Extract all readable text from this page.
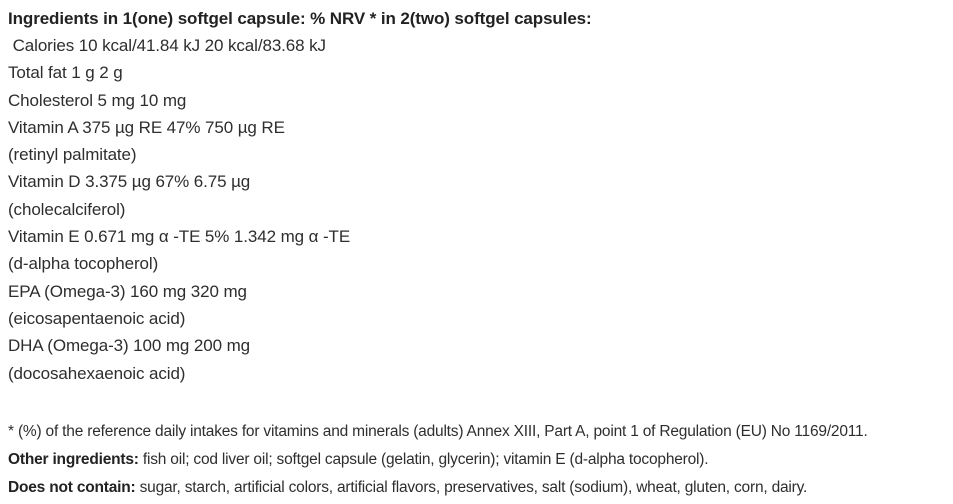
Ingredients in 1(one) softgel capsule: % NRV * in 2(two) softgel capsules:

Calories 10 kcal/41.84 kJ 20 kcal/83.68 kJ

Total fat 1 g 2 g

Cholesterol 5 mg 10 mg

Vitamin A 375 µg RE 47% 750 µg RE

(retinyl palmitate)

Vitamin D 3.375 µg 67% 6.75 µg

(cholecalciferol)

Vitamin E 0.671 mg α -TE 5% 1.342 mg α -TE

(d-alpha tocopherol)

EPA (Omega-3) 160 mg 320 mg

(eicosapentaenoic acid)

DHA (Omega-3) 100 mg 200 mg

(docosahexaenoic acid)

* (%) of the reference daily intakes for vitamins and minerals (adults) Annex XIII, Part A, point 1 of Regulation (EU) No 1169/2011.

Other ingredients: fish oil; cod liver oil; softgel capsule (gelatin, glycerin); vitamin E (d-alpha tocopherol).

Does not contain: sugar, starch, artificial colors, artificial flavors, preservatives, salt (sodium), wheat, gluten, corn, dairy.
